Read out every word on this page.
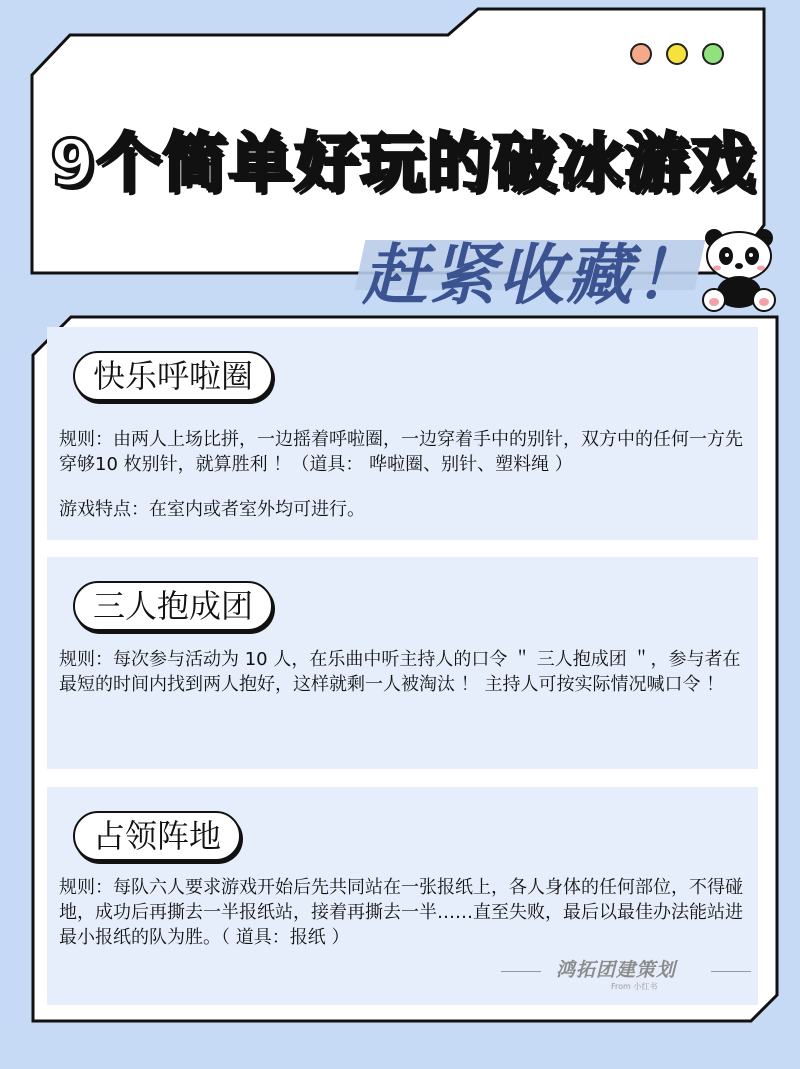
9个简单好玩的破冰游戏
赶紧收藏！
快乐呼啦圈

规则：由两人上场比拼，一边摇着呼啦圈，一边穿着手中的别针，双方中的任何一方先穿够10 枚别针，就算胜利 ！（道具： 哗啦圈、别针、塑料绳 ）

游戏特点：在室内或者室外均可进行。

三人抱成团

规则：每次参与活动为 10 人，在乐曲中听主持人的口令 ＂ 三人抱成团 ＂，参与者在最短的时间内找到两人抱好，这样就剩一人被淘汰 ！ 主持人可按实际情况喊口令 ！

占领阵地

规则：每队六人要求游戏开始后先共同站在一张报纸上，各人身体的任何部位，不得碰地，成功后再撕去一半报纸站，接着再撕去一半……直至失败，最后以最佳办法能站进最小报纸的队为胜。（ 道具：报纸 ）

鸿拓团建策划
From 小红书
